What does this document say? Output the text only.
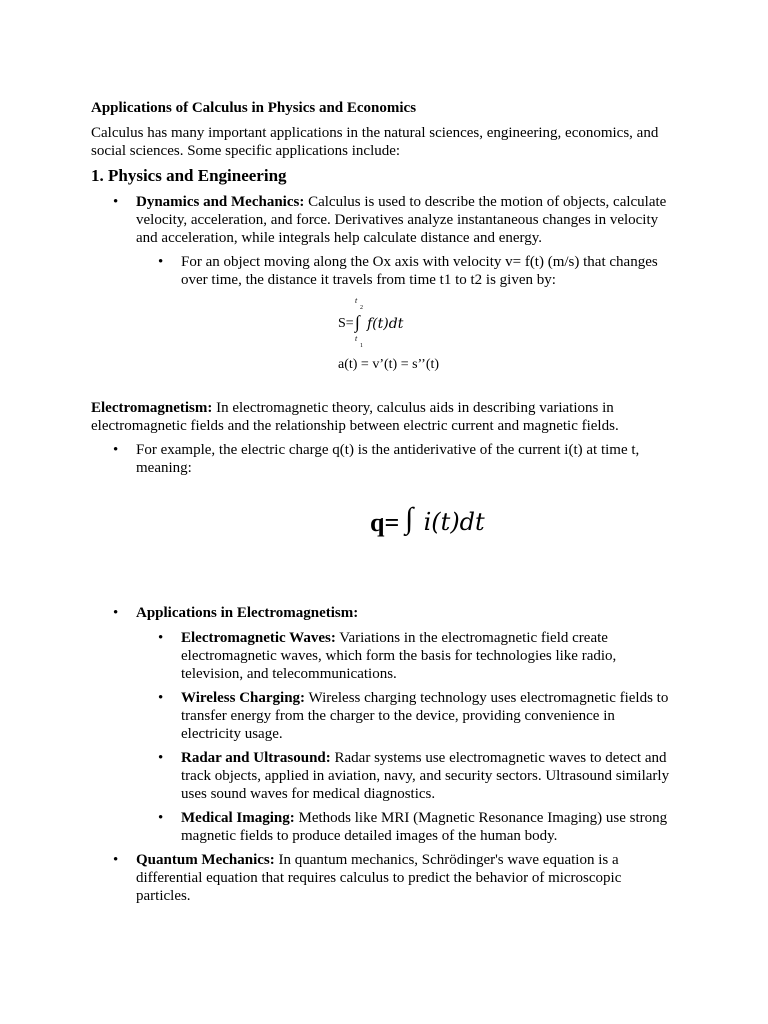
Applications of Calculus in Physics and Economics
Calculus has many important applications in the natural sciences, engineering, economics, and social sciences. Some specific applications include:
1. Physics and Engineering
• Dynamics and Mechanics: Calculus is used to describe the motion of objects, calculate velocity, acceleration, and force. Derivatives analyze instantaneous changes in velocity and acceleration, while integrals help calculate distance and energy.
• For an object moving along the Ox axis with velocity v= f(t) (m/s) that changes over time, the distance it travels from time t1 to t2 is given by:
t
2
S= ∫ f(t)dt
t
1
a(t) = v’(t) = s’’(t)
Electromagnetism: In electromagnetic theory, calculus aids in describing variations in electromagnetic fields and the relationship between electric current and magnetic fields.
• For example, the electric charge q(t) is the antiderivative of the current i(t) at time t, meaning:
q= ∫ i(t)dt
• Applications in Electromagnetism:
• Electromagnetic Waves: Variations in the electromagnetic field create electromagnetic waves, which form the basis for technologies like radio, television, and telecommunications.
• Wireless Charging: Wireless charging technology uses electromagnetic fields to transfer energy from the charger to the device, providing convenience in electricity usage.
• Radar and Ultrasound: Radar systems use electromagnetic waves to detect and track objects, applied in aviation, navy, and security sectors. Ultrasound similarly uses sound waves for medical diagnostics.
• Medical Imaging: Methods like MRI (Magnetic Resonance Imaging) use strong magnetic fields to produce detailed images of the human body.
• Quantum Mechanics: In quantum mechanics, Schrödinger's wave equation is a differential equation that requires calculus to predict the behavior of microscopic particles.
